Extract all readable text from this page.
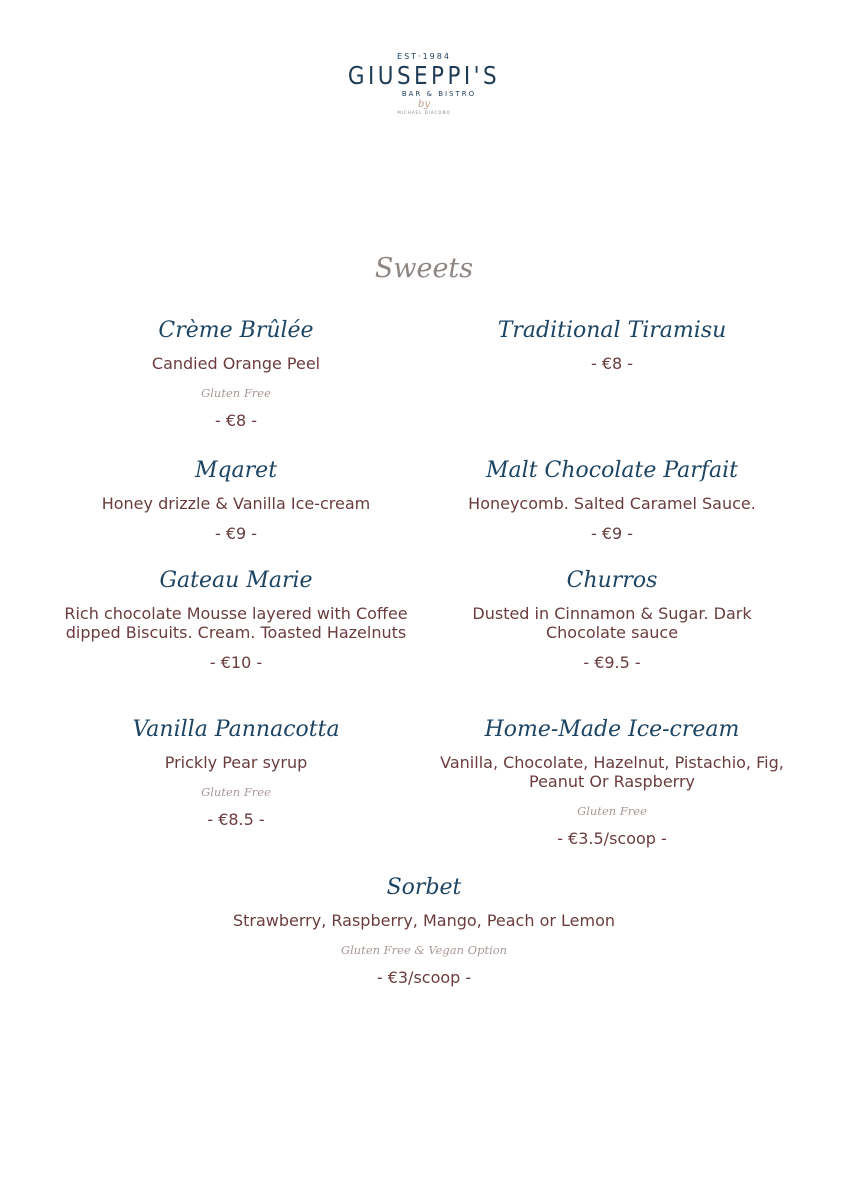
EST·1984
GIUSEPPI'S
BAR & BISTRO
by
MICHAEL DIACONO
Sweets
Crème Brûlée
Candied Orange Peel
Gluten Free
- €8 -
Traditional Tiramisu
- €8 -
Mqaret
Honey drizzle & Vanilla Ice-cream
- €9 -
Malt Chocolate Parfait
Honeycomb. Salted Caramel Sauce.
- €9 -
Gateau Marie
Rich chocolate Mousse layered with Coffee dipped Biscuits. Cream. Toasted Hazelnuts
- €10 -
Churros
Dusted in Cinnamon & Sugar. Dark Chocolate sauce
- €9.5 -
Vanilla Pannacotta
Prickly Pear syrup
Gluten Free
- €8.5 -
Home-Made Ice-cream
Vanilla, Chocolate, Hazelnut, Pistachio, Fig, Peanut Or Raspberry
Gluten Free
- €3.5/scoop -
Sorbet
Strawberry, Raspberry, Mango, Peach or Lemon
Gluten Free & Vegan Option
- €3/scoop -
